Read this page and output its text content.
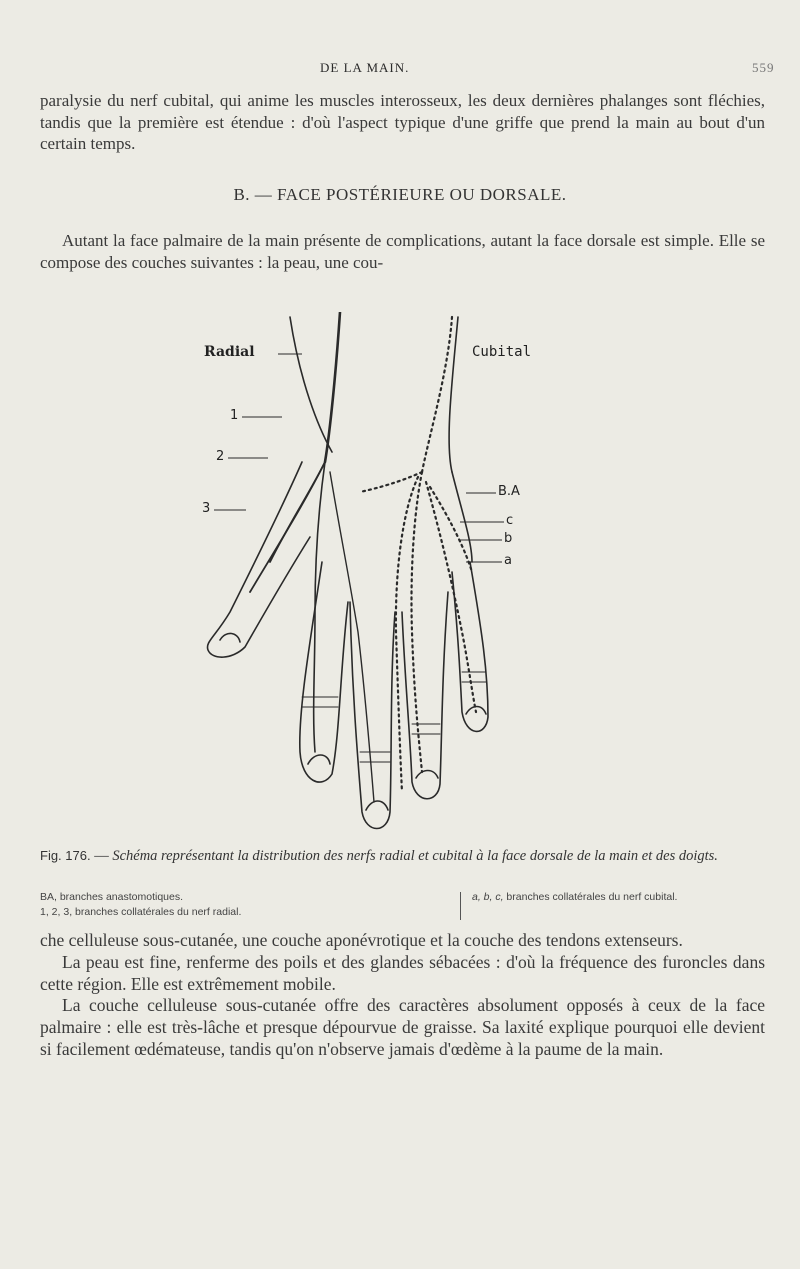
DE LA MAIN.	559

paralysie du nerf cubital, qui anime les muscles interosseux, les deux dernières phalanges sont fléchies, tandis que la première est étendue : d'où l'aspect typique d'une griffe que prend la main au bout d'un certain temps.

B. — FACE POSTÉRIEURE OU DORSALE.

Autant la face palmaire de la main présente de complications, autant la face dorsale est simple. Elle se compose des couches suivantes : la peau, une cou-

Radial	Cubital
1
2
3
B.A
c
b
a
Fig. 176. — Schéma représentant la distribution des nerfs radial et cubital à la face dorsale de la main et des doigts.
BA, branches anastomotiques.
1, 2, 3, branches collatérales du nerf radial.
a, b, c, branches collatérales du nerf cubital.

che celluleuse sous-cutanée, une couche aponévrotique et la couche des tendons extenseurs.

La peau est fine, renferme des poils et des glandes sébacées : d'où la fréquence des furoncles dans cette région. Elle est extrêmement mobile.

La couche celluleuse sous-cutanée offre des caractères absolument opposés à ceux de la face palmaire : elle est très-lâche et presque dépourvue de graisse. Sa laxité explique pourquoi elle devient si facilement œdémateuse, tandis qu'on n'observe jamais d'œdème à la paume de la main.
